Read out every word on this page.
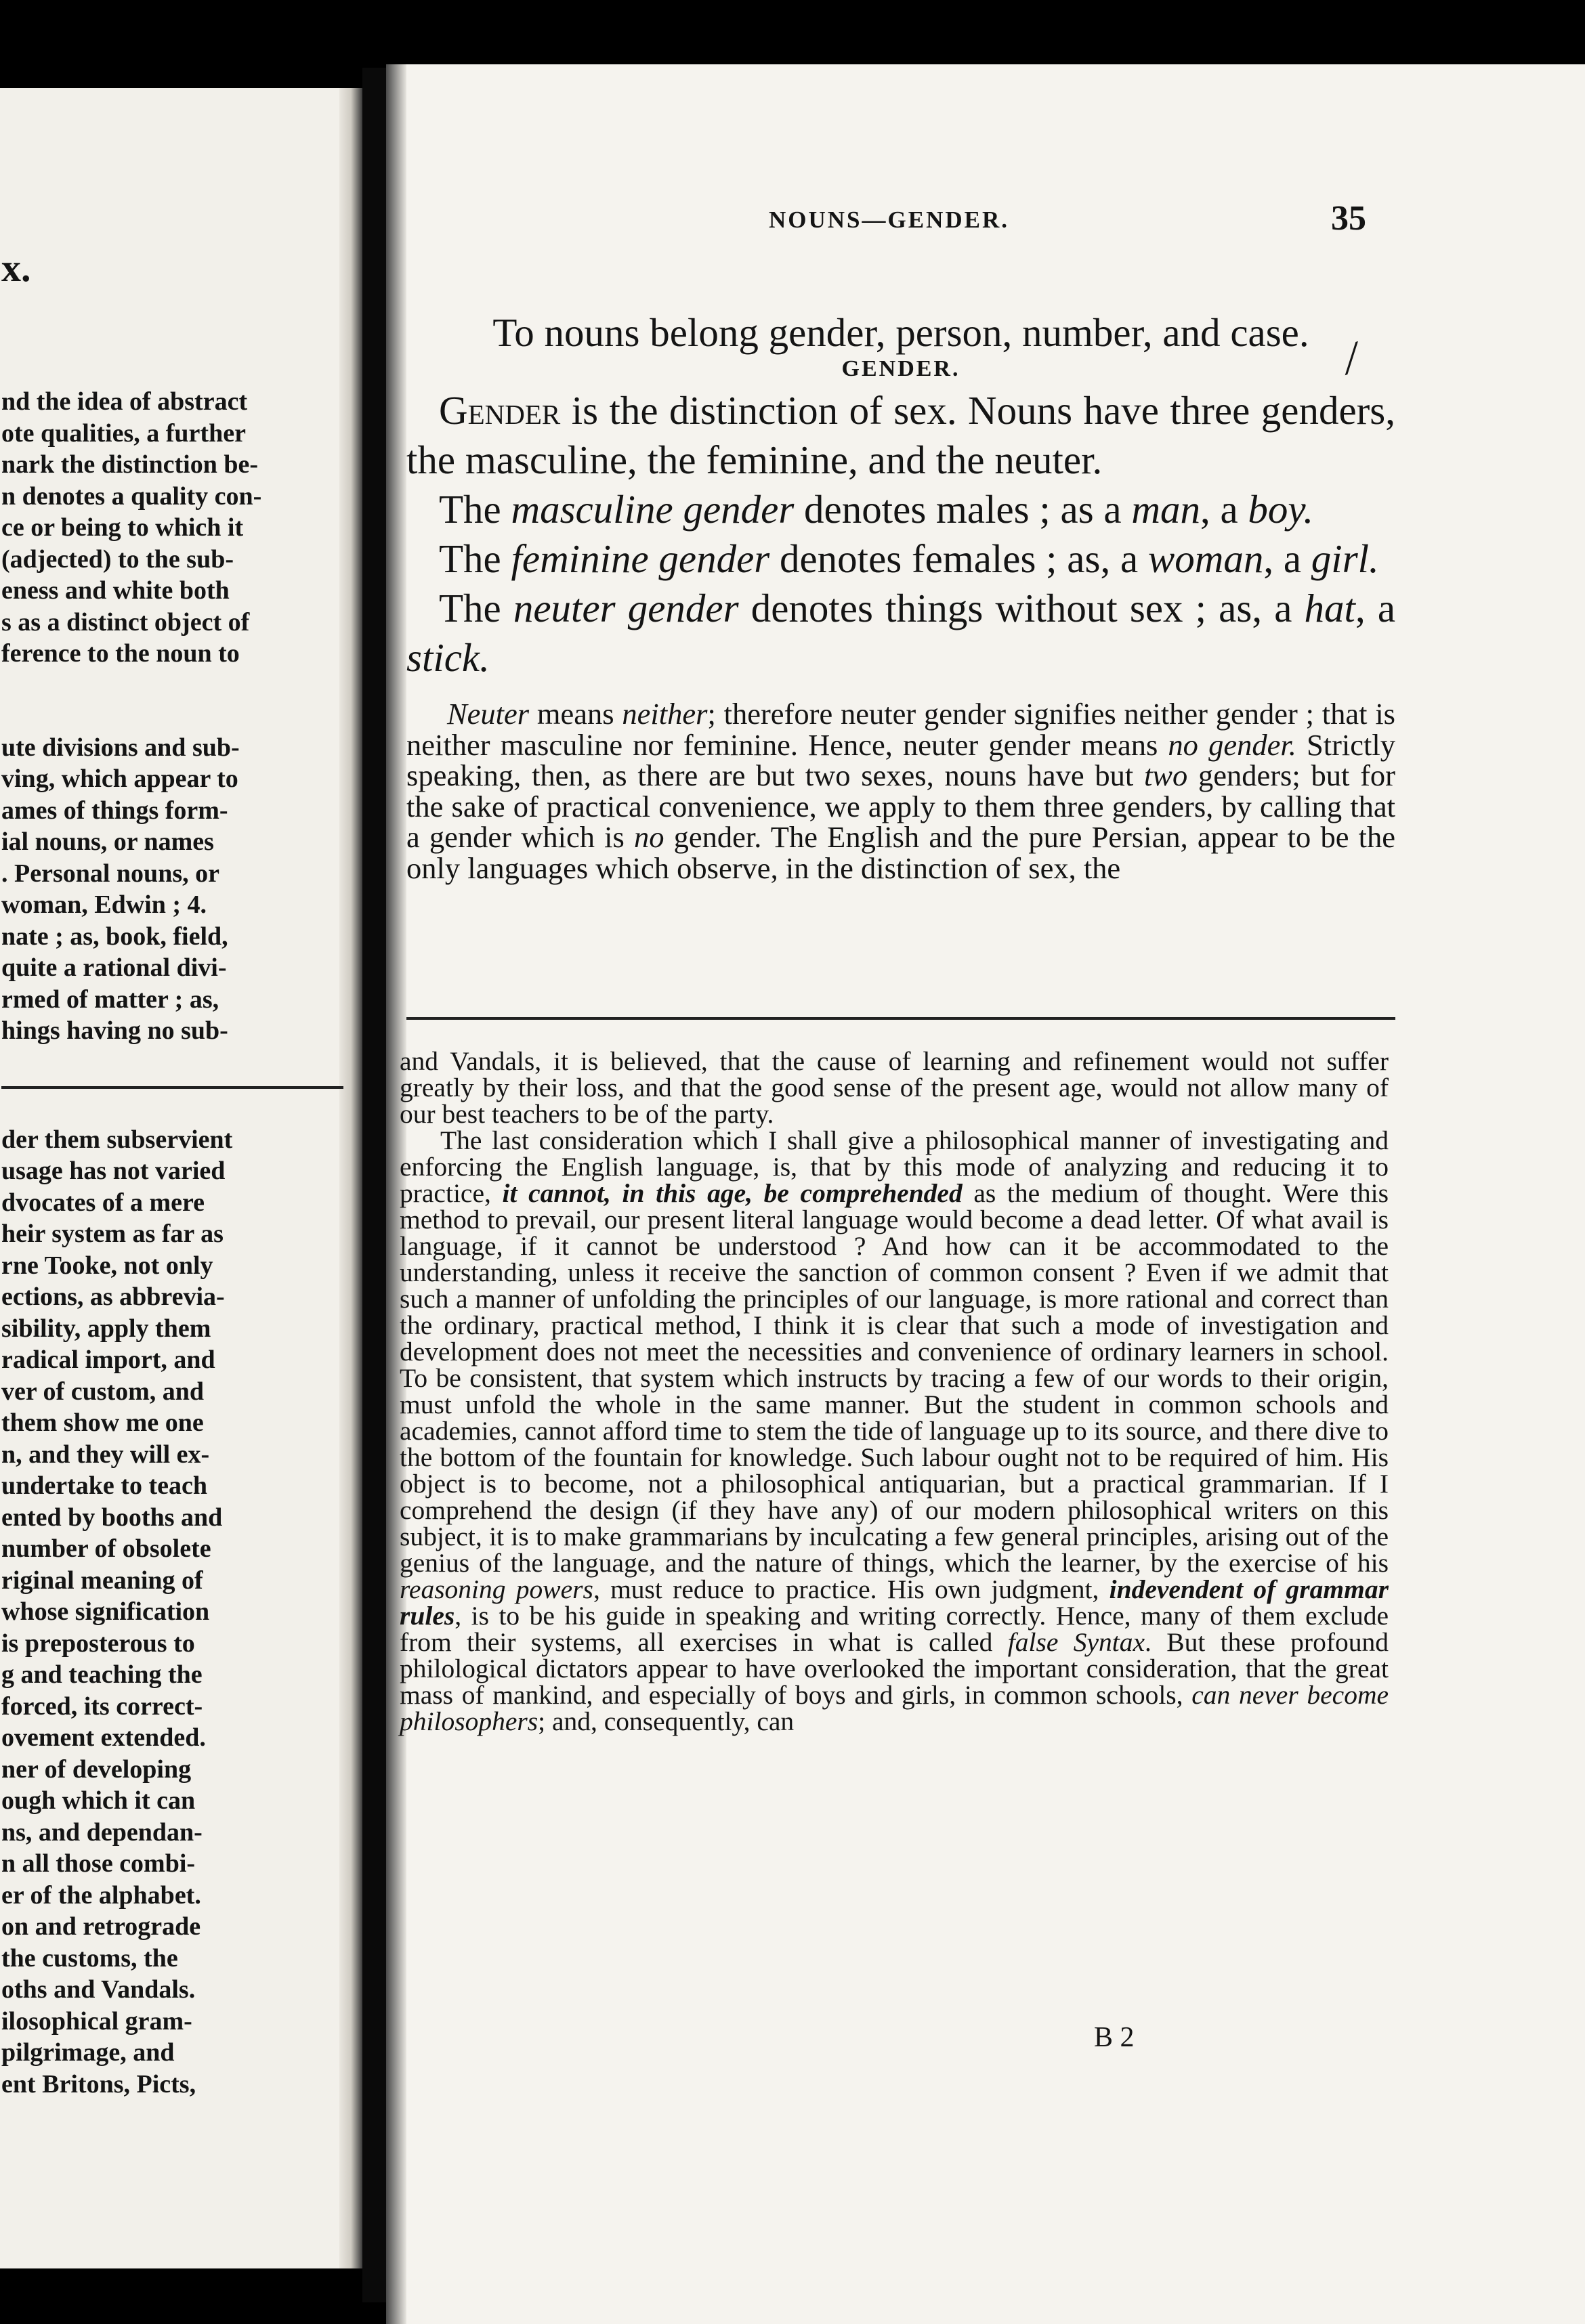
x.

nd the idea of abstract
ote qualities, a further
nark the distinction be-
n denotes a quality con-
ce or being to which it
(adjected) to the sub-
eness and white both
s as a distinct object of
ference to the noun to
ute divisions and sub-
ving, which appear to
ames of things form-
ial nouns, or names
. Personal nouns, or
woman, Edwin ; 4.
nate ; as, book, field,
quite a rational divi-
rmed of matter ; as,
hings having no sub-
der them subservient
usage has not varied
dvocates of a mere
heir system as far as
rne Tooke, not only
ections, as abbrevia-
sibility, apply them
radical import, and
ver of custom, and
them show me one
n, and they will ex-
undertake to teach
ented by booths and
number of obsolete
riginal meaning of
whose signification
is preposterous to
g and teaching the
forced, its correct-
ovement extended.
ner of developing
ough which it can
ns, and dependan-
n all those combi-
er of the alphabet.
on and retrograde
the customs, the
oths and Vandals.
ilosophical gram-
pilgrimage, and
ent Britons, Picts,

NOUNS—GENDER.	35

∕

To nouns belong gender, person, number, and case.

GENDER.

Gender is the distinction of sex. Nouns have three genders, the masculine, the feminine, and the neuter.

The masculine gender denotes males ; as a man, a boy.

The feminine gender denotes females ; as, a woman, a girl.

The neuter gender denotes things without sex ; as, a hat, a stick.

Neuter means neither; therefore neuter gender signifies neither gender ; that is neither masculine nor feminine. Hence, neuter gender means no gender. Strictly speaking, then, as there are but two sexes, nouns have but two genders; but for the sake of practical convenience, we apply to them three genders, by calling that a gender which is no gender. The English and the pure Persian, appear to be the only languages which observe, in the distinction of sex, the

and Vandals, it is believed, that the cause of learning and refinement would not suffer greatly by their loss, and that the good sense of the present age, would not allow many of our best teachers to be of the party.

The last consideration which I shall give a philosophical manner of investigating and enforcing the English language, is, that by this mode of analyzing and reducing it to practice, it cannot, in this age, be comprehended as the medium of thought. Were this method to prevail, our present literal language would become a dead letter. Of what avail is language, if it cannot be understood ? And how can it be accommodated to the understanding, unless it receive the sanction of common consent ? Even if we admit that such a manner of unfolding the principles of our language, is more rational and correct than the ordinary, practical method, I think it is clear that such a mode of investigation and development does not meet the necessities and convenience of ordinary learners in school. To be consistent, that system which instructs by tracing a few of our words to their origin, must unfold the whole in the same manner. But the student in common schools and academies, cannot afford time to stem the tide of language up to its source, and there dive to the bottom of the fountain for knowledge. Such labour ought not to be required of him. His object is to become, not a philosophical antiquarian, but a practical grammarian. If I comprehend the design (if they have any) of our modern philosophical writers on this subject, it is to make grammarians by inculcating a few general principles, arising out of the genius of the language, and the nature of things, which the learner, by the exercise of his reasoning powers, must reduce to practice. His own judgment, indevendent of grammar rules, is to be his guide in speaking and writing correctly. Hence, many of them exclude from their systems, all exercises in what is called false Syntax. But these profound philological dictators appear to have overlooked the important consideration, that the great mass of mankind, and especially of boys and girls, in common schools, can never become philosophers; and, consequently, can

B 2
